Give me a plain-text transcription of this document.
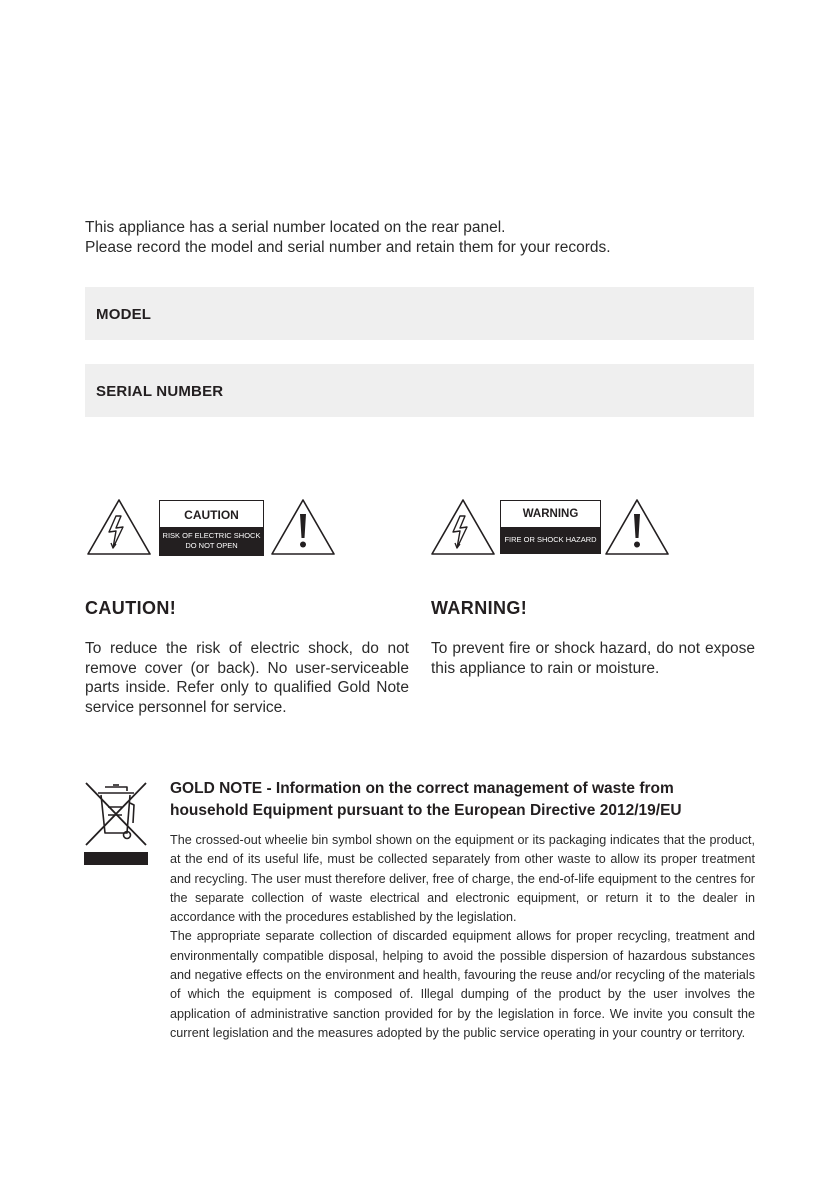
This appliance has a serial number located on the rear panel.

Please record the model and serial number and retain them for your records.

MODEL
SERIAL NUMBER
CAUTION
RISK OF ELECTRIC SHOCK
DO NOT OPEN
WARNING
FIRE OR SHOCK HAZARD
CAUTION!	WARNING!
To reduce the risk of electric shock, do not remove cover (or back). No user-serviceable parts inside. Refer only to qualified Gold Note service personnel for service.
To prevent fire or shock hazard, do not expose this appliance to rain or moisture.
GOLD NOTE - Information on the correct management of waste from
household Equipment pursuant to the European Directive 2012/19/EU

The crossed-out wheelie bin symbol shown on the equipment or its packaging indicates that the product, at the end of its useful life, must be collected separately from other waste to allow its proper treatment and recycling. The user must therefore deliver, free of charge, the end-of-life equipment to the centres for the separate collection of waste electrical and electronic equipment, or return it to the dealer in accordance with the procedures established by the legislation.

The appropriate separate collection of discarded equipment allows for proper recycling, treatment and environmentally compatible disposal, helping to avoid the possible dispersion of hazardous substances and negative effects on the environment and health, favouring the reuse and/or recycling of the materials of which the equipment is composed of. Illegal dumping of the product by the user involves the application of administrative sanction provided for by the legislation in force. We invite you consult the current legislation and the measures adopted by the public service operating in your country or territory.
